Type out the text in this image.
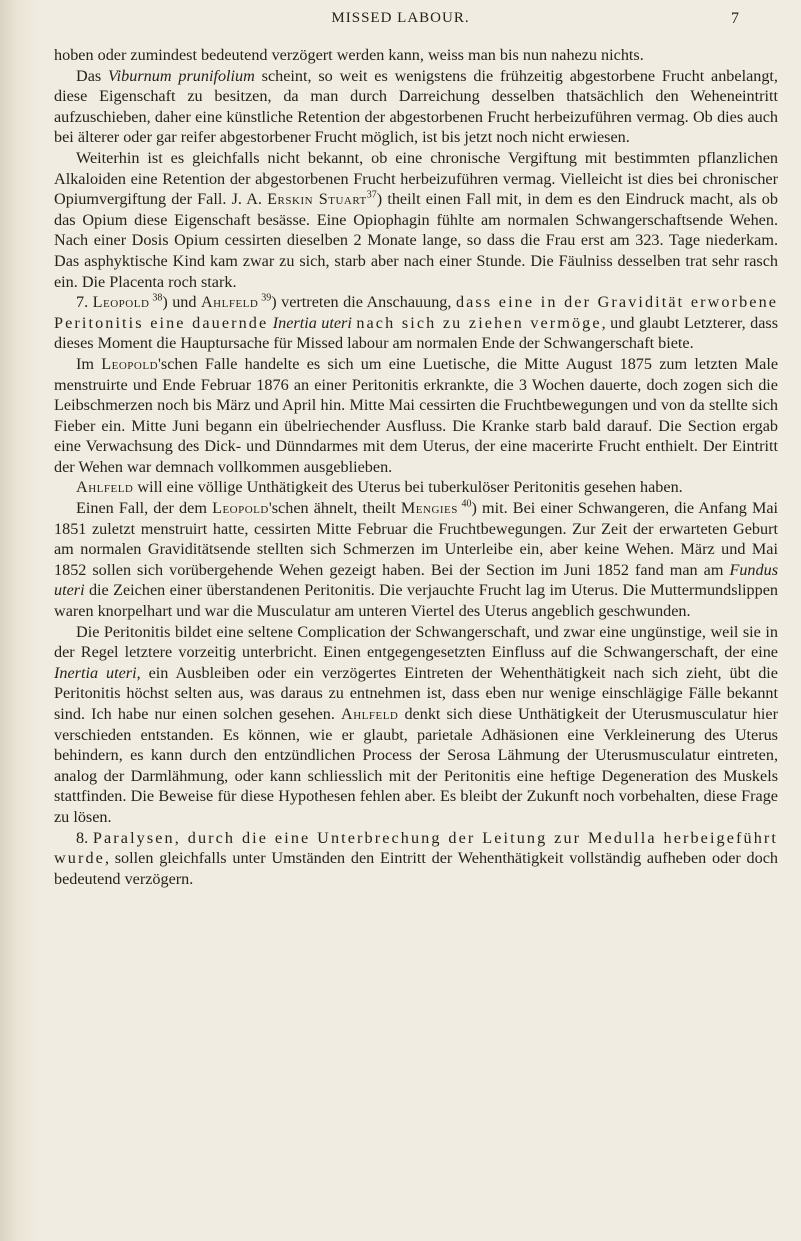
MISSED LABOUR.	7

hoben oder zumindest bedeutend verzögert werden kann, weiss man bis nun nahezu nichts.

Das Viburnum prunifolium scheint, so weit es wenigstens die frühzeitig abgestorbene Frucht anbelangt, diese Eigenschaft zu besitzen, da man durch Darreichung desselben thatsächlich den Weheneintritt aufzuschieben, daher eine künstliche Retention der abgestorbenen Frucht herbeizuführen vermag. Ob dies auch bei älterer oder gar reifer abgestorbener Frucht möglich, ist bis jetzt noch nicht erwiesen.

Weiterhin ist es gleichfalls nicht bekannt, ob eine chronische Vergiftung mit bestimmten pflanzlichen Alkaloiden eine Retention der abgestorbenen Frucht herbeizuführen vermag. Vielleicht ist dies bei chronischer Opiumvergiftung der Fall. J. A. Erskin Stuart$^{37}$) theilt einen Fall mit, in dem es den Eindruck macht, als ob das Opium diese Eigenschaft besässe. Eine Opiophagin fühlte am normalen Schwangerschaftsende Wehen. Nach einer Dosis Opium cessirten dieselben 2 Monate lange, so dass die Frau erst am 323. Tage niederkam. Das asphyktische Kind kam zwar zu sich, starb aber nach einer Stunde. Die Fäulniss desselben trat sehr rasch ein. Die Placenta roch stark.

7. Leopold $^{38}$) und Ahlfeld $^{39}$) vertreten die Anschauung, dass eine in der Gravidität erworbene Peritonitis eine dauernde Inertia uteri nach sich zu ziehen vermöge, und glaubt Letzterer, dass dieses Moment die Hauptursache für Missed labour am normalen Ende der Schwangerschaft biete.

Im Leopold'schen Falle handelte es sich um eine Luetische, die Mitte August 1875 zum letzten Male menstruirte und Ende Februar 1876 an einer Peritonitis erkrankte, die 3 Wochen dauerte, doch zogen sich die Leibschmerzen noch bis März und April hin. Mitte Mai cessirten die Fruchtbewegungen und von da stellte sich Fieber ein. Mitte Juni begann ein übelriechender Ausfluss. Die Kranke starb bald darauf. Die Section ergab eine Verwachsung des Dick- und Dünndarmes mit dem Uterus, der eine macerirte Frucht enthielt. Der Eintritt der Wehen war demnach vollkommen ausgeblieben.

Ahlfeld will eine völlige Unthätigkeit des Uterus bei tuberkulöser Peritonitis gesehen haben.

Einen Fall, der dem Leopold'schen ähnelt, theilt Mengies $^{40}$) mit. Bei einer Schwangeren, die Anfang Mai 1851 zuletzt menstruirt hatte, cessirten Mitte Februar die Fruchtbewegungen. Zur Zeit der erwarteten Geburt am normalen Graviditätsende stellten sich Schmerzen im Unterleibe ein, aber keine Wehen. März und Mai 1852 sollen sich vorübergehende Wehen gezeigt haben. Bei der Section im Juni 1852 fand man am Fundus uteri die Zeichen einer überstandenen Peritonitis. Die verjauchte Frucht lag im Uterus. Die Muttermundslippen waren knorpelhart und war die Musculatur am unteren Viertel des Uterus angeblich geschwunden.

Die Peritonitis bildet eine seltene Complication der Schwangerschaft, und zwar eine ungünstige, weil sie in der Regel letztere vorzeitig unterbricht. Einen entgegengesetzten Einfluss auf die Schwangerschaft, der eine Inertia uteri, ein Ausbleiben oder ein verzögertes Eintreten der Wehenthätigkeit nach sich zieht, übt die Peritonitis höchst selten aus, was daraus zu entnehmen ist, dass eben nur wenige einschlägige Fälle bekannt sind. Ich habe nur einen solchen gesehen. Ahlfeld denkt sich diese Unthätigkeit der Uterusmusculatur hier verschieden entstanden. Es können, wie er glaubt, parietale Adhäsionen eine Verkleinerung des Uterus behindern, es kann durch den entzündlichen Process der Serosa Lähmung der Uterusmusculatur eintreten, analog der Darmlähmung, oder kann schliesslich mit der Peritonitis eine heftige Degeneration des Muskels stattfinden. Die Beweise für diese Hypothesen fehlen aber. Es bleibt der Zukunft noch vorbehalten, diese Frage zu lösen.

8. Paralysen, durch die eine Unterbrechung der Leitung zur Medulla herbeigeführt wurde, sollen gleichfalls unter Umständen den Eintritt der Wehenthätigkeit vollständig aufheben oder doch bedeutend verzögern.
